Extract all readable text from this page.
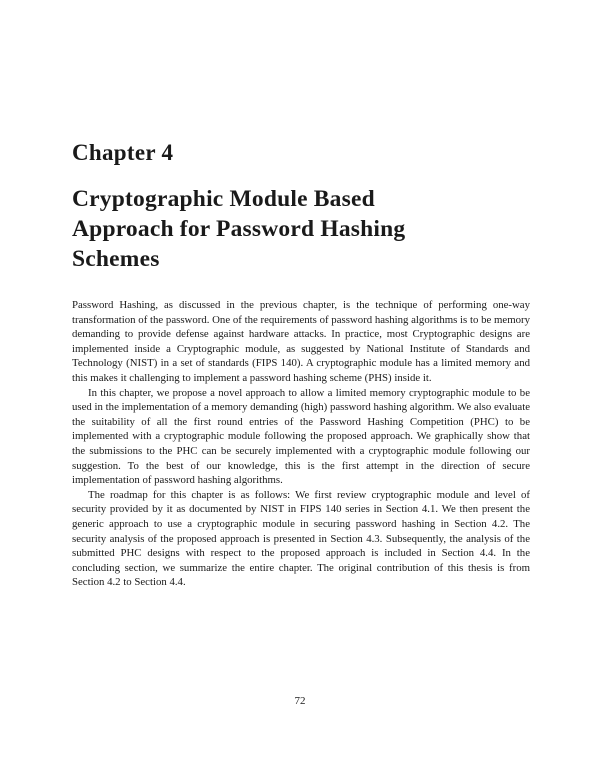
Chapter 4
Cryptographic Module Based
Approach for Password Hashing
Schemes

Password Hashing, as discussed in the previous chapter, is the technique of performing one-way transformation of the password. One of the requirements of password hashing algorithms is to be memory demanding to provide defense against hardware attacks. In practice, most Cryptographic designs are implemented inside a Cryptographic module, as suggested by National Institute of Standards and Technology (NIST) in a set of standards (FIPS 140). A cryptographic module has a limited memory and this makes it challenging to implement a password hashing scheme (PHS) inside it.

In this chapter, we propose a novel approach to allow a limited memory cryptographic module to be used in the implementation of a memory demanding (high) password hashing algorithm. We also evaluate the suitability of all the first round entries of the Password Hashing Competition (PHC) to be implemented with a cryptographic module following the proposed approach. We graphically show that the submissions to the PHC can be securely implemented with a cryptographic module following our suggestion. To the best of our knowledge, this is the first attempt in the direction of secure implementation of password hashing algorithms.

The roadmap for this chapter is as follows: We first review cryptographic module and level of security provided by it as documented by NIST in FIPS 140 series in Section 4.1. We then present the generic approach to use a cryptographic module in securing password hashing in Section 4.2. The security analysis of the proposed approach is presented in Section 4.3. Subsequently, the analysis of the submitted PHC designs with respect to the proposed approach is included in Section 4.4. In the concluding section, we summarize the entire chapter. The original contribution of this thesis is from Section 4.2 to Section 4.4.

72
